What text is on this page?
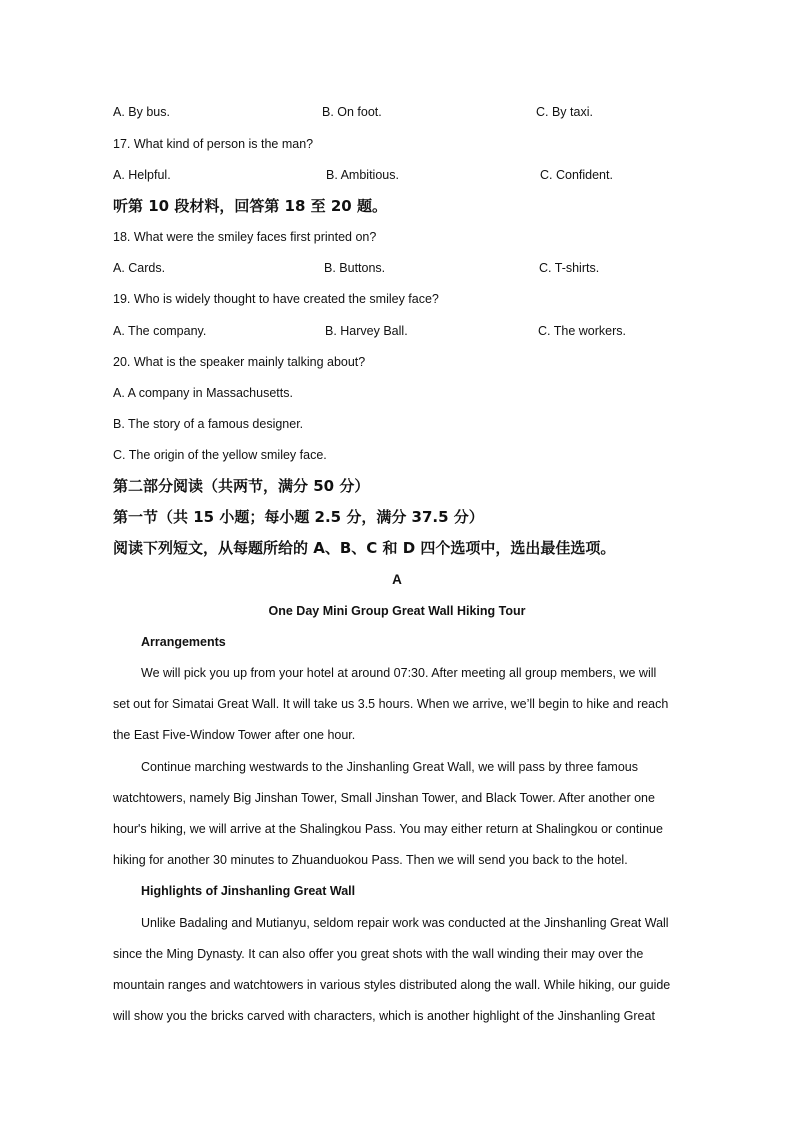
A. By bus.	B. On foot.	C. By taxi.
17. What kind of person is the man?
A. Helpful.	B. Ambitious.	C. Confident.
听第 10 段材料，回答第 18 至 20 题。
18. What were the smiley faces first printed on?
A. Cards.	B. Buttons.	C. T-shirts.
19. Who is widely thought to have created the smiley face?
A. The company.	B. Harvey Ball.	C. The workers.
20. What is the speaker mainly talking about?
A. A company in Massachusetts.
B. The story of a famous designer.
C. The origin of the yellow smiley face.
第二部分阅读（共两节，满分 50 分）
第一节（共 15 小题；每小题 2.5 分，满分 37.5 分）
阅读下列短文，从每题所给的 A、B、C 和 D 四个选项中，选出最佳选项。
A
One Day Mini Group Great Wall Hiking Tour
Arrangements
We will pick you up from your hotel at around 07:30. After meeting all group members, we will
set out for Simatai Great Wall. It will take us 3.5 hours. When we arrive, we’ll begin to hike and reach
the East Five-Window Tower after one hour.
Continue marching westwards to the Jinshanling Great Wall, we will pass by three famous
watchtowers, namely Big Jinshan Tower, Small Jinshan Tower, and Black Tower. After another one
hour's hiking, we will arrive at the Shalingkou Pass. You may either return at Shalingkou or continue
hiking for another 30 minutes to Zhuanduokou Pass. Then we will send you back to the hotel.
Highlights of Jinshanling Great Wall
Unlike Badaling and Mutianyu, seldom repair work was conducted at the Jinshanling Great Wall
since the Ming Dynasty. It can also offer you great shots with the wall winding their may over the
mountain ranges and watchtowers in various styles distributed along the wall. While hiking, our guide
will show you the bricks carved with characters, which is another highlight of the Jinshanling Great
